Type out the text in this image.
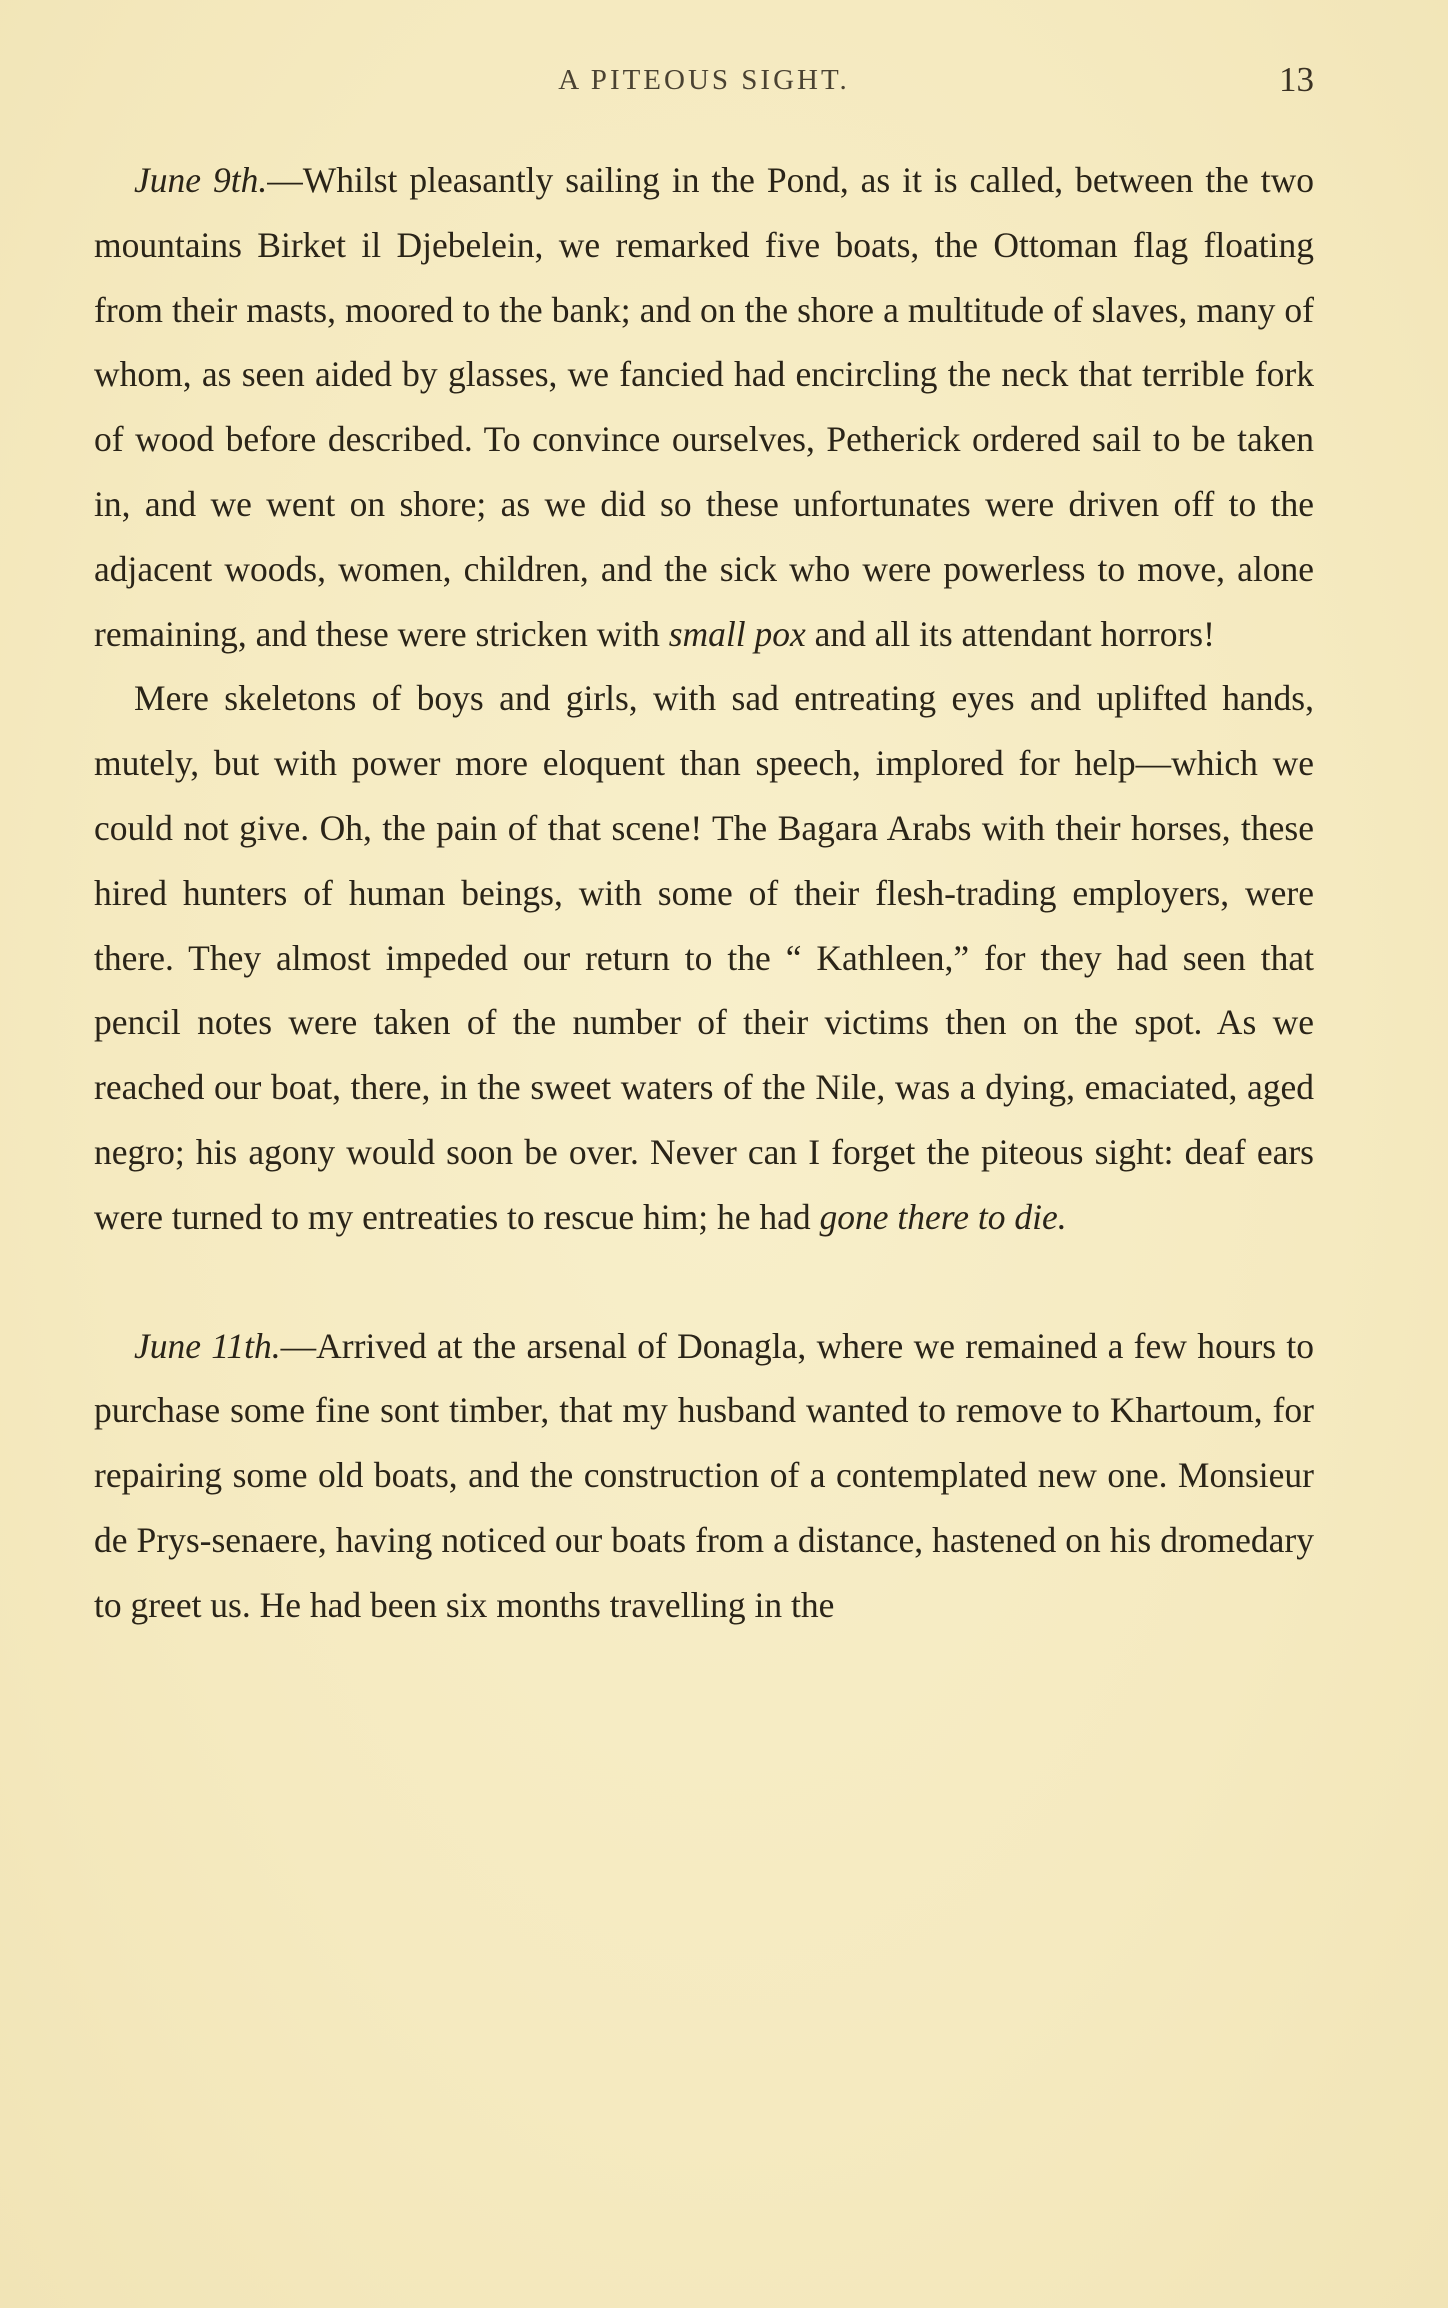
A PITEOUS SIGHT.	13

June 9th.—Whilst pleasantly sailing in the Pond, as it is called, between the two mountains Birket il Djebelein, we remarked five boats, the Ottoman flag floating from their masts, moored to the bank; and on the shore a multitude of slaves, many of whom, as seen aided by glasses, we fancied had encircling the neck that terrible fork of wood before described. To convince ourselves, Petherick ordered sail to be taken in, and we went on shore; as we did so these unfortunates were driven off to the adjacent woods, women, children, and the sick who were powerless to move, alone remaining, and these were stricken with small pox and all its attendant horrors!

Mere skeletons of boys and girls, with sad entreating eyes and uplifted hands, mutely, but with power more eloquent than speech, implored for help—which we could not give. Oh, the pain of that scene! The Bagara Arabs with their horses, these hired hunters of human beings, with some of their flesh-trading employers, were there. They almost impeded our return to the “ Kathleen,” for they had seen that pencil notes were taken of the number of their victims then on the spot. As we reached our boat, there, in the sweet waters of the Nile, was a dying, emaciated, aged negro; his agony would soon be over. Never can I forget the piteous sight: deaf ears were turned to my entreaties to rescue him; he had gone there to die.

June 11th.—Arrived at the arsenal of Donagla, where we remained a few hours to purchase some fine sont timber, that my husband wanted to remove to Khartoum, for repairing some old boats, and the construction of a contemplated new one. Monsieur de Prys-senaere, having noticed our boats from a distance, hastened on his dromedary to greet us. He had been six months travelling in the
